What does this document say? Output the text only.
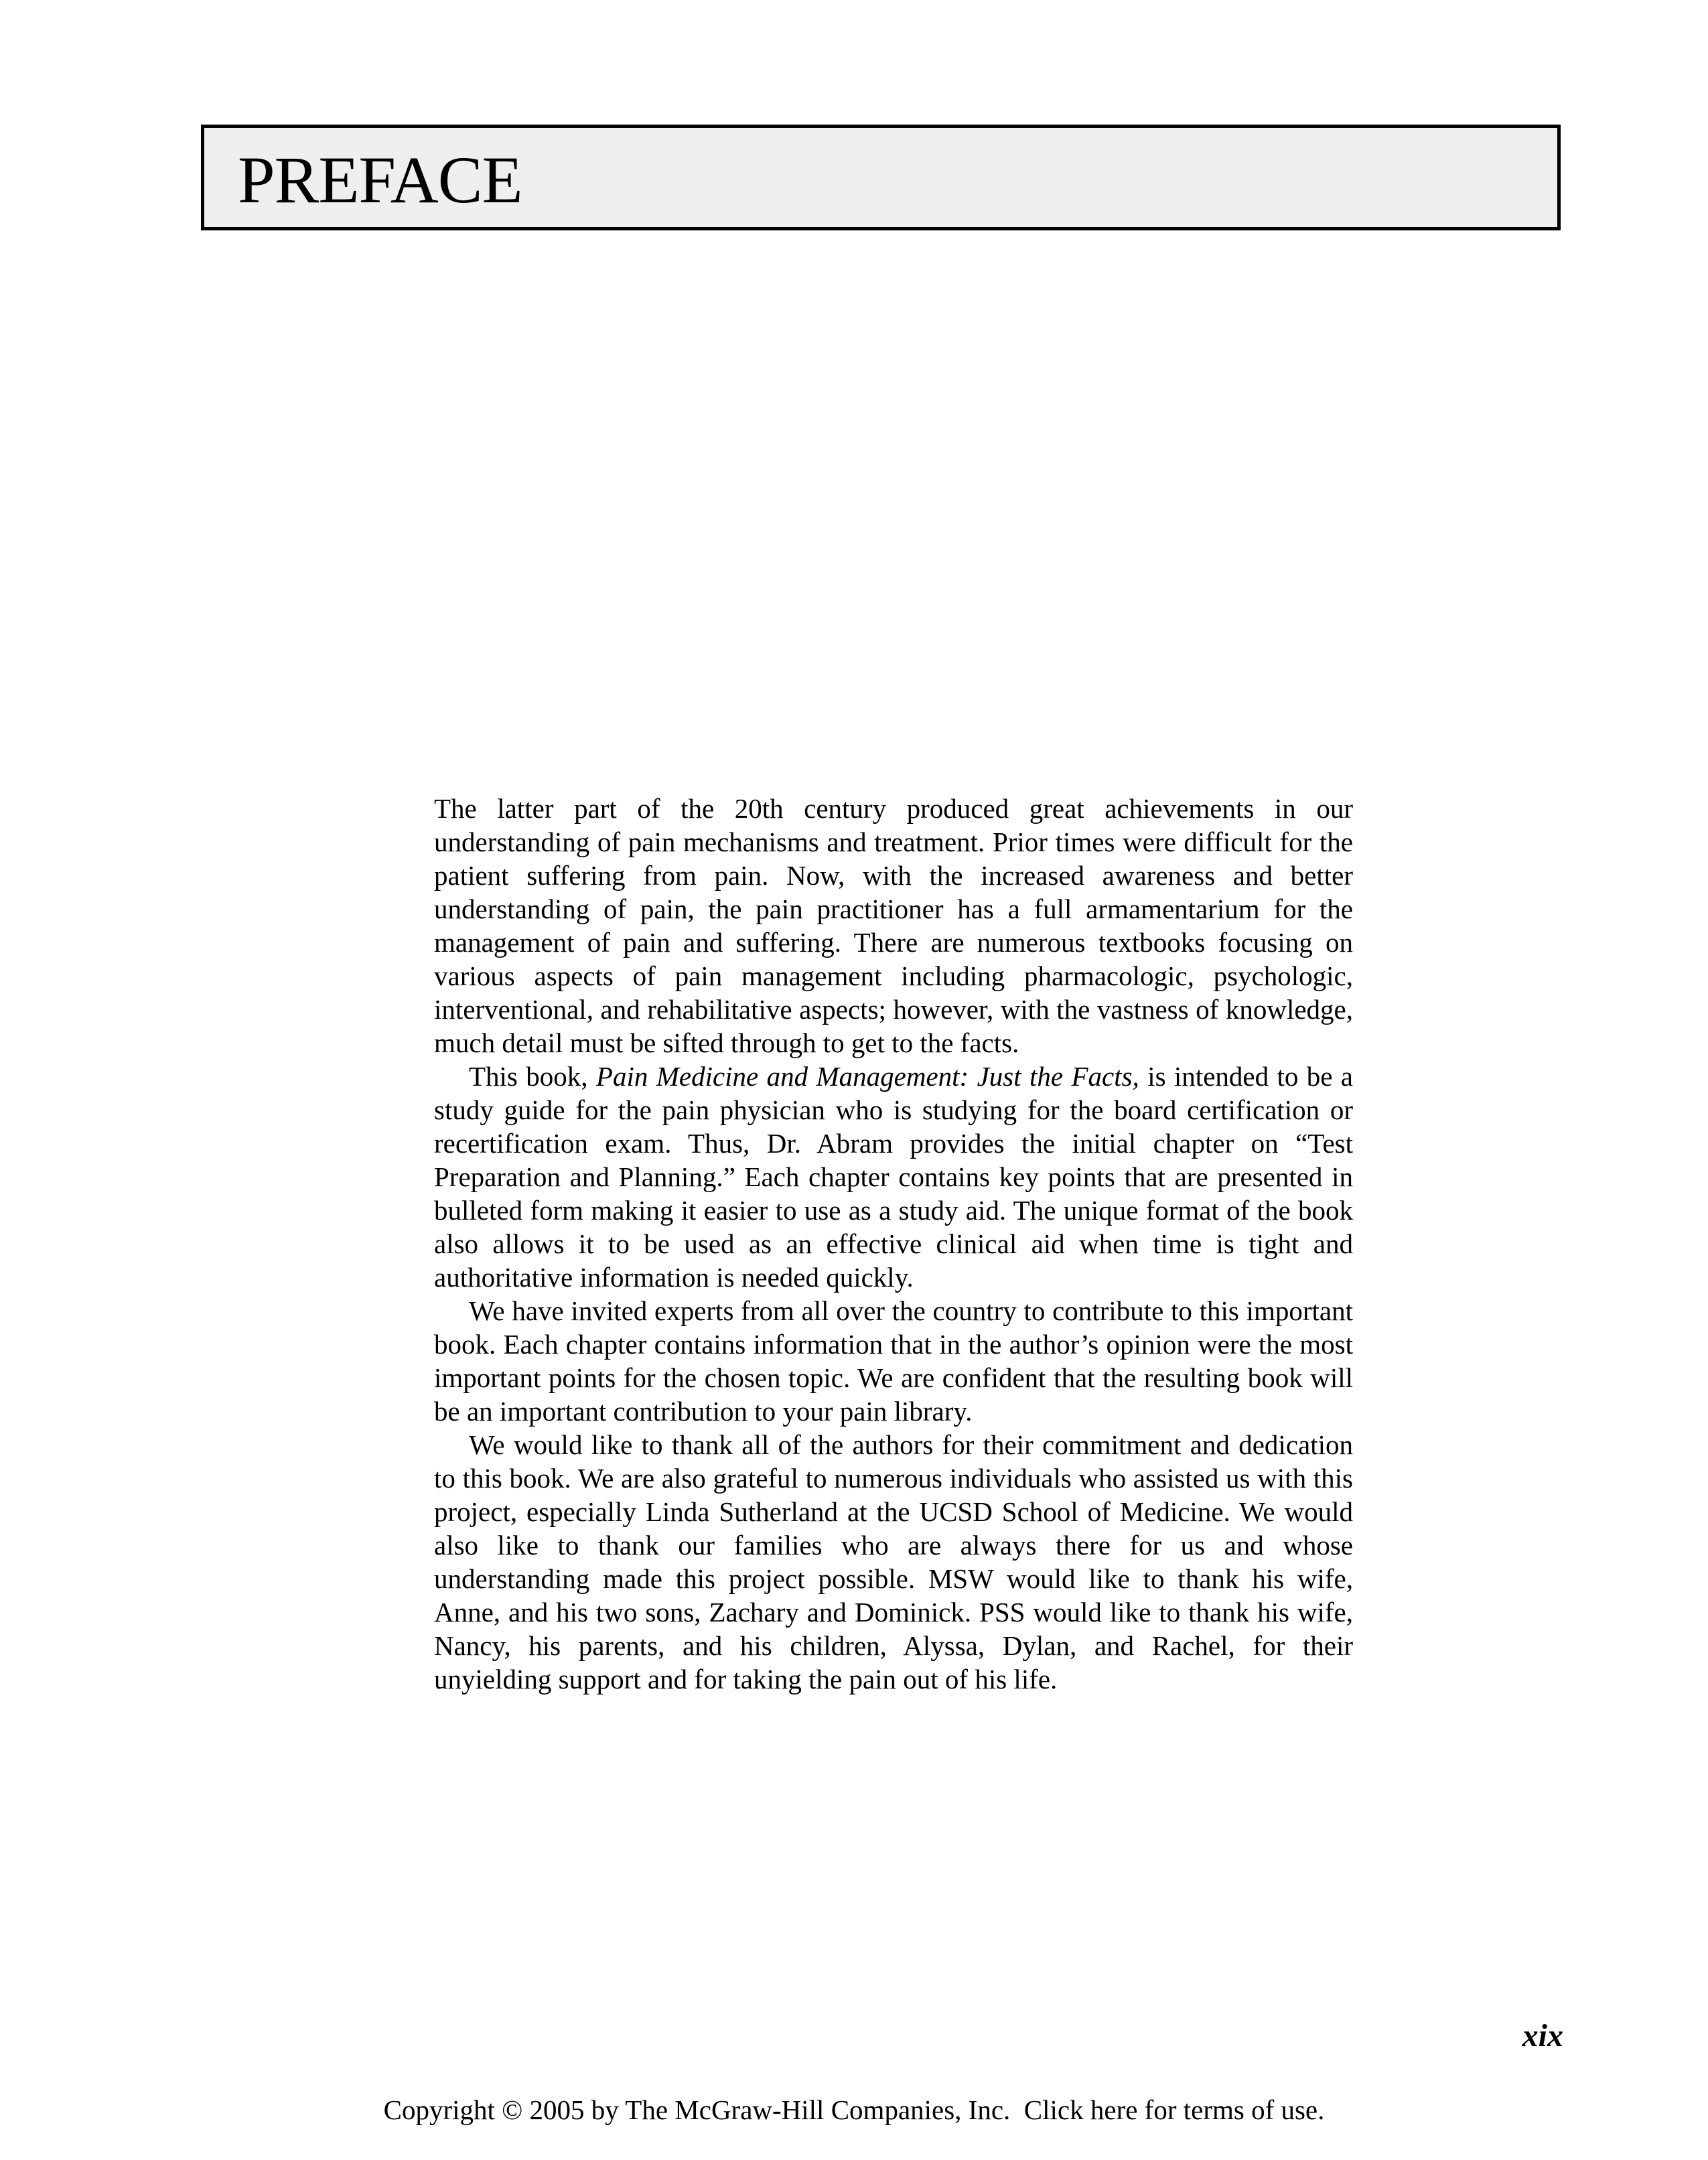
PREFACE

The latter part of the 20th century produced great achievements in our understanding of pain mechanisms and treatment. Prior times were difficult for the patient suffering from pain. Now, with the increased awareness and better understanding of pain, the pain practitioner has a full armamentarium for the management of pain and suffering. There are numerous textbooks focusing on various aspects of pain management including pharmacologic, psychologic, interventional, and rehabilitative aspects; however, with the vastness of knowledge, much detail must be sifted through to get to the facts.

This book, Pain Medicine and Management: Just the Facts, is intended to be a study guide for the pain physician who is studying for the board certification or recertification exam. Thus, Dr. Abram provides the initial chapter on “Test Preparation and Planning.” Each chapter contains key points that are presented in bulleted form making it easier to use as a study aid. The unique format of the book also allows it to be used as an effective clinical aid when time is tight and authoritative information is needed quickly.

We have invited experts from all over the country to contribute to this important book. Each chapter contains information that in the author’s opinion were the most important points for the chosen topic. We are confident that the resulting book will be an important contribution to your pain library.

We would like to thank all of the authors for their commitment and dedication to this book. We are also grateful to numerous individuals who assisted us with this project, especially Linda Sutherland at the UCSD School of Medicine. We would also like to thank our families who are always there for us and whose understanding made this project possible. MSW would like to thank his wife, Anne, and his two sons, Zachary and Dominick. PSS would like to thank his wife, Nancy, his parents, and his children, Alyssa, Dylan, and Rachel, for their unyielding support and for taking the pain out of his life.

xix
Copyright © 2005 by The McGraw-Hill Companies, Inc.  Click here for terms of use.
